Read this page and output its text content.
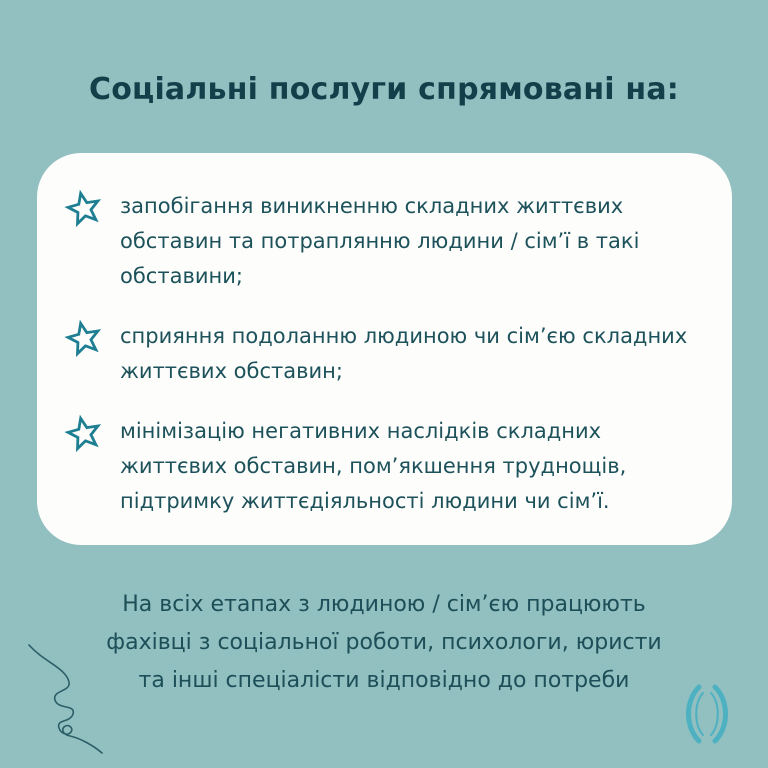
Соціальні послуги спрямовані на:
запобігання виникненню складних життєвих
обставин та потраплянню людини / сім’ї в такі
обставини;
сприяння подоланню людиною чи сім’єю складних
життєвих обставин;
мінімізацію негативних наслідків складних
життєвих обставин, пом’якшення труднощів,
підтримку життєдіяльності людини чи сім’ї.
На всіх етапах з людиною / сім’єю працюють
фахівці з соціальної роботи, психологи, юристи
та інші спеціалісти відповідно до потреби
